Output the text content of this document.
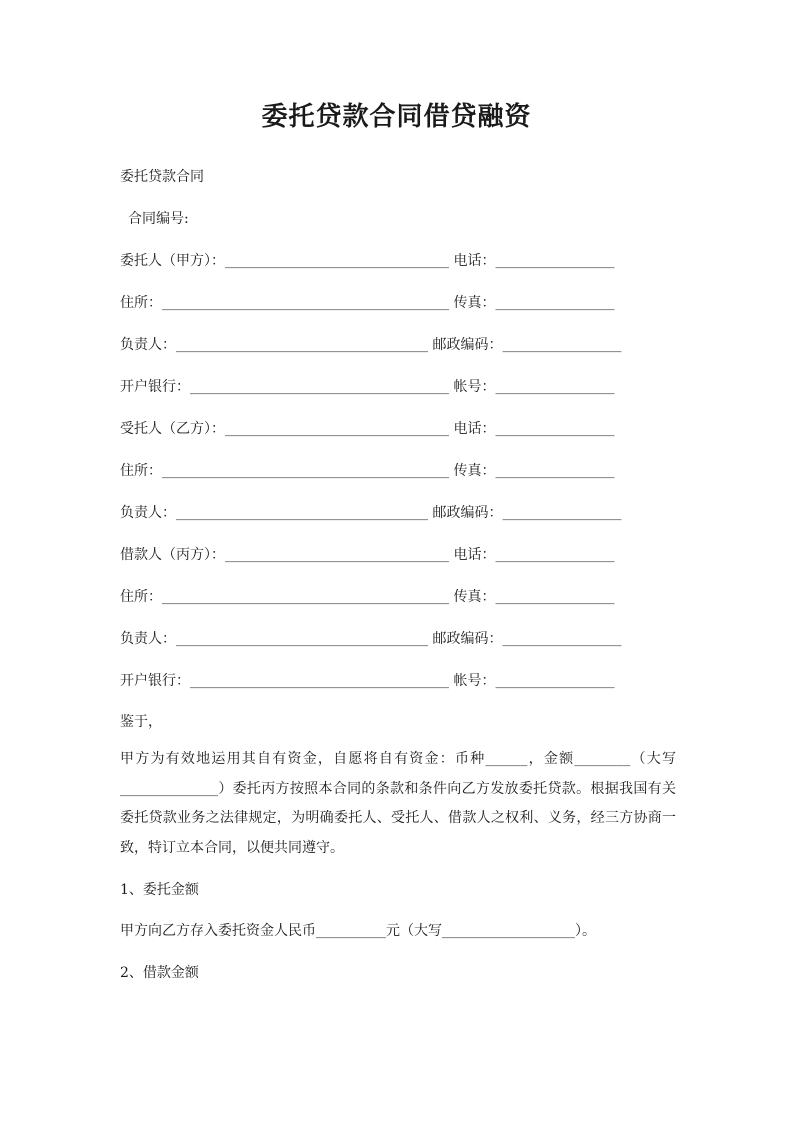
委托贷款合同借贷融资
委托贷款合同
合同编号:
委托人（甲方）：________________________________ 电话：_________________
住所：_________________________________________ 传真：_________________
负责人：____________________________________ 邮政编码：_________________
开户银行：_____________________________________ 帐号：_________________
受托人（乙方）：________________________________ 电话：_________________
住所：_________________________________________ 传真：_________________
负责人：____________________________________ 邮政编码：_________________
借款人（丙方）：________________________________ 电话：_________________
住所：_________________________________________ 传真：_________________
负责人：____________________________________ 邮政编码：_________________
开户银行：_____________________________________ 帐号：_________________
鉴于，
甲方为有效地运用其自有资金，自愿将自有资金：币种______，金额________（大写 ______________）委托丙方按照本合同的条款和条件向乙方发放委托贷款。根据我国有关委托贷款业务之法律规定，为明确委托人、受托人、借款人之权利、义务，经三方协商一致，特订立本合同，以便共同遵守。
1、委托金额
甲方向乙方存入委托资金人民币__________元（大写___________________）。
2、借款金额
